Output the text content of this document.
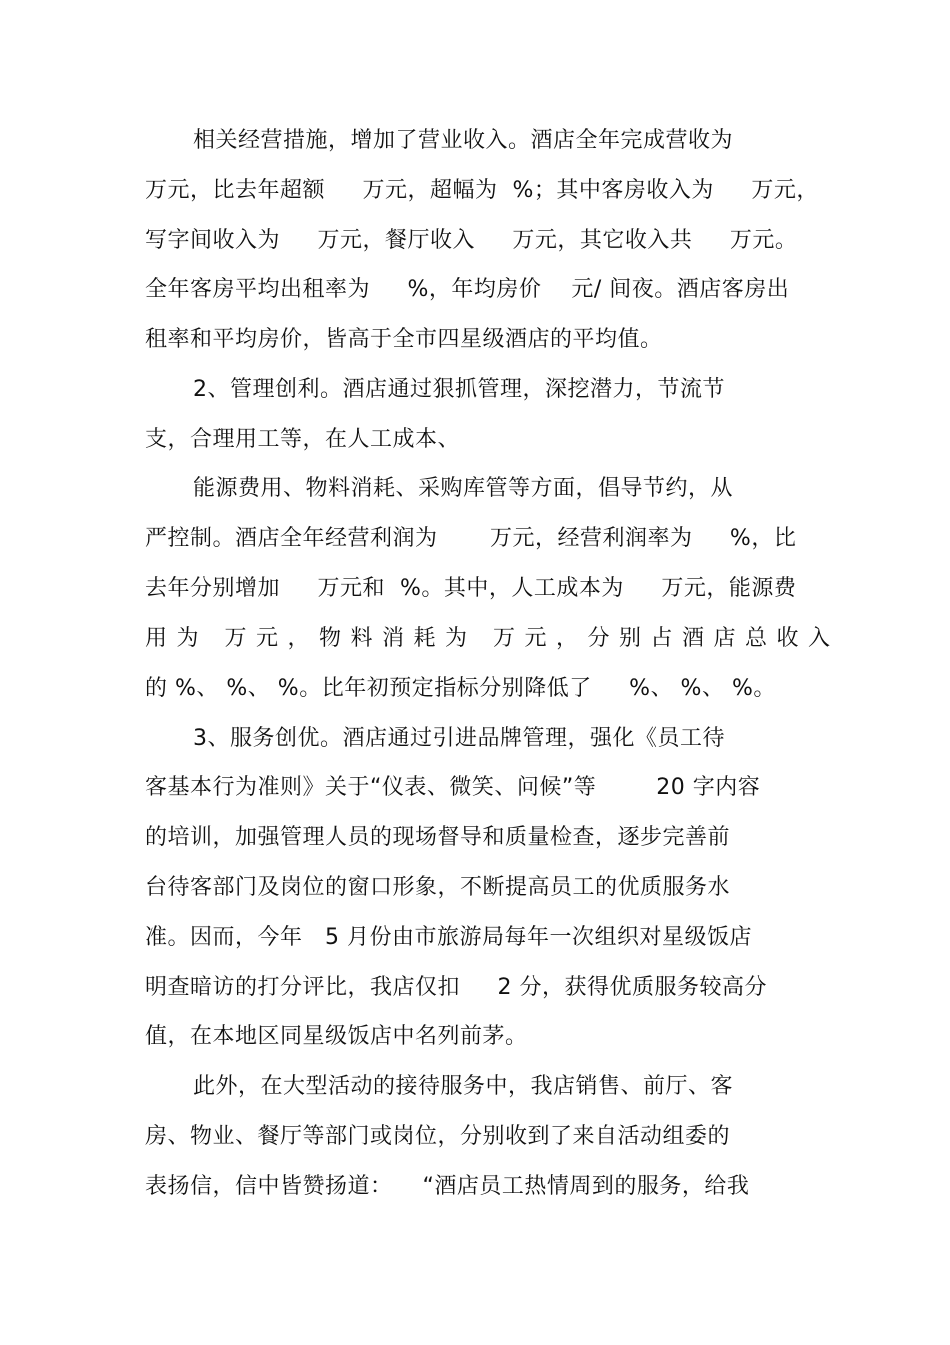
相关经营措施，增加了营业收入。酒店全年完成营收为
万元，比去年超额     万元，超幅为  %；其中客房收入为     万元，
写字间收入为     万元，餐厅收入     万元，其它收入共     万元。
全年客房平均出租率为     %，年均房价    元/ 间夜。酒店客房出
租率和平均房价，皆高于全市四星级酒店的平均值。
2、管理创利。酒店通过狠抓管理，深挖潜力，节流节
支，合理用工等，在人工成本、
能源费用、物料消耗、采购库管等方面，倡导节约，从
严控制。酒店全年经营利润为       万元，经营利润率为     %，比
去年分别增加     万元和  %。其中，人工成本为     万元，能源费
用为 万元，物料消耗为 万元，分别占酒店总收入
的 %、 %、 %。比年初预定指标分别降低了     %、 %、 %。
3、服务创优。酒店通过引进品牌管理，强化《员工待
客基本行为准则》关于“仪表、微笑、问候”等        20 字内容
的培训，加强管理人员的现场督导和质量检查，逐步完善前
台待客部门及岗位的窗口形象，不断提高员工的优质服务水
准。因而，今年   5 月份由市旅游局每年一次组织对星级饭店
明查暗访的打分评比，我店仅扣     2 分，获得优质服务较高分
值，在本地区同星级饭店中名列前茅。
此外，在大型活动的接待服务中，我店销售、前厅、客
房、物业、餐厅等部门或岗位，分别收到了来自活动组委的
表扬信，信中皆赞扬道：    “酒店员工热情周到的服务，给我
